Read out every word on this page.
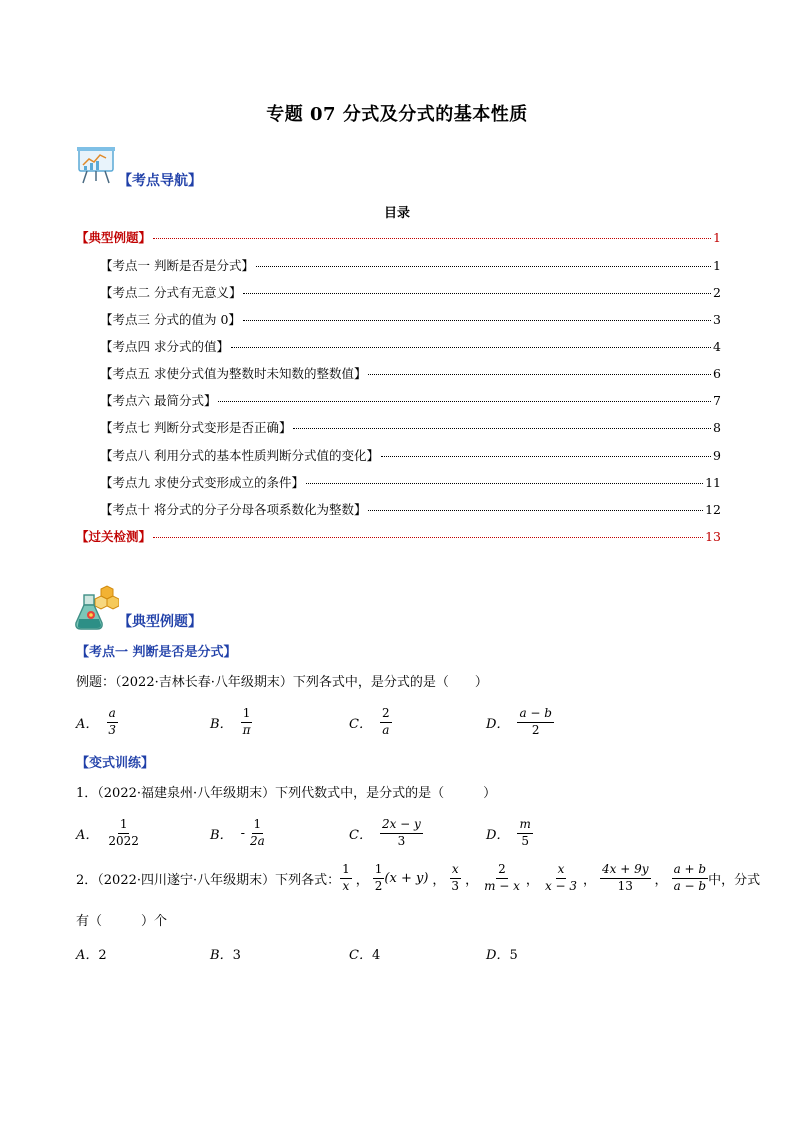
专题 07 分式及分式的基本性质
【考点导航】
目录
【典型例题】	1
【考点一 判断是否是分式】	1
【考点二 分式有无意义】	2
【考点三 分式的值为 0】	3
【考点四 求分式的值】	4
【考点五 求使分式值为整数时未知数的整数值】	6
【考点六 最简分式】	7
【考点七 判断分式变形是否正确】	8
【考点八 利用分式的基本性质判断分式值的变化】	9
【考点九 求使分式变形成立的条件】	11
【考点十 将分式的分子分母各项系数化为整数】	12
【过关检测】	13
【典型例题】
【考点一 判断是否是分式】
例题：（2022·吉林长春·八年级期末）下列各式中，是分式的是（　　）
A． $\frac{a}{3}$	B． $\frac{1}{\pi}$	C． $\frac{2}{a}$	D． $\frac{a - b}{2}$
【变式训练】
1．（2022·福建泉州·八年级期末）下列代数式中，是分式的是（　　　）
A． $\frac{1}{2022}$	B． - $\frac{1}{2a}$	C． $\frac{2x - y}{3}$	D． $\frac{m}{5}$
2．（2022·四川遂宁·八年级期末）下列各式： $\frac{1}{x}$ ， $\frac{1}{2} (x + y)$ ， $\frac{x}{3}$ ， $\frac{2}{m - x}$ ， $\frac{x}{x - 3}$ ， $\frac{4x + 9y}{13}$ ， $\frac{a + b}{a - b}$ 中，分式
有（　　　）个
A．2	B．3	C．4	D．5
